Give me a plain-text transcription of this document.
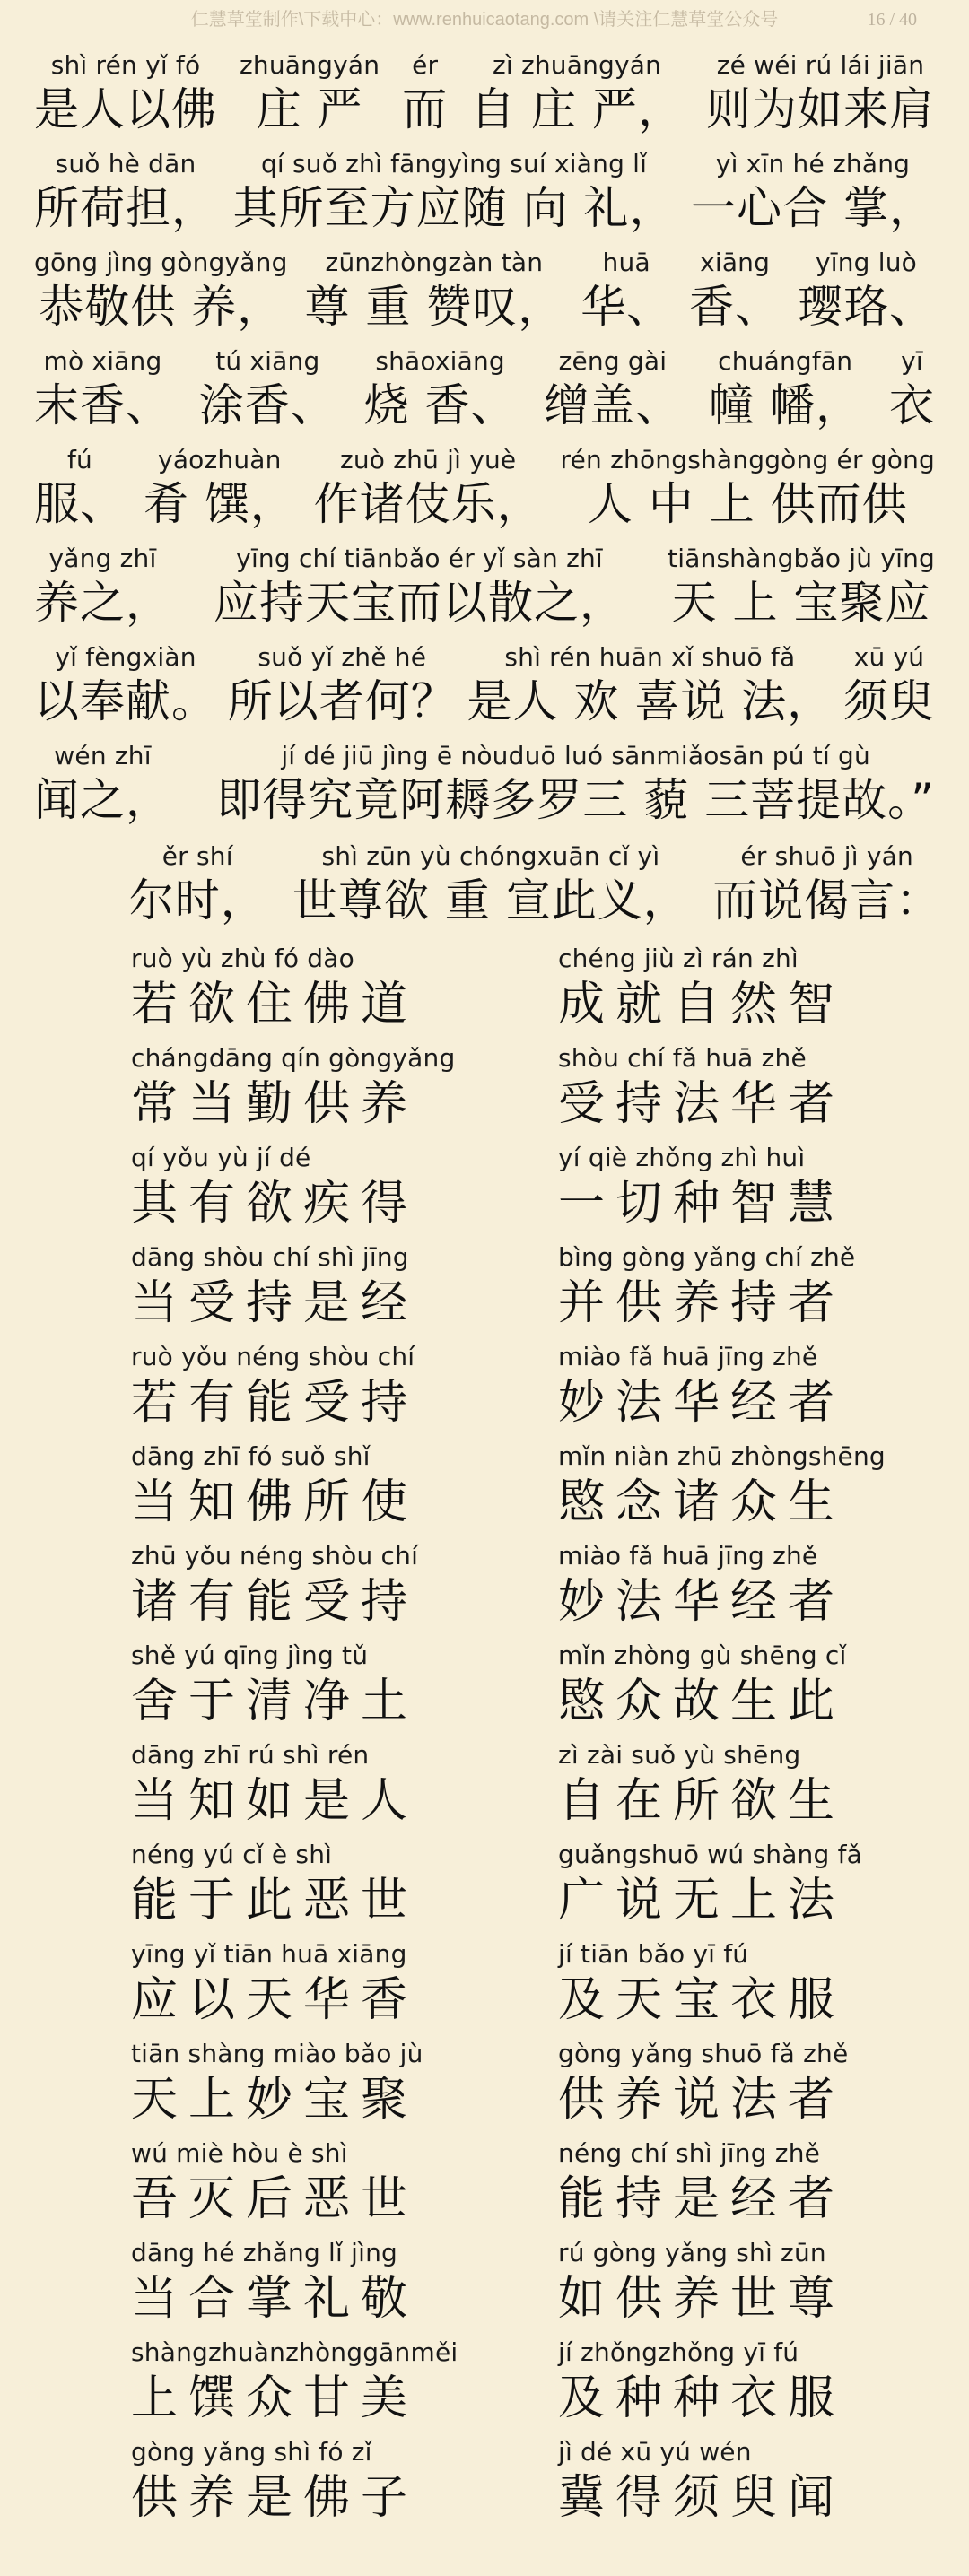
仁慧草堂制作\下载中心：www.renhuicaotang.com \请关注仁慧草堂公众号	16 / 40
shì rén yǐ fó
是人以佛
zhuāngyán
庄 严
ér
而
zì zhuāngyán
自 庄 严，
zé wéi rú lái jiān
则为如来肩
suǒ hè dān
所荷担，
qí suǒ zhì fāngyìng suí xiàng lǐ
其所至方应随 向 礼，
yì xīn hé zhǎng
一心合 掌，
gōng jìng gòngyǎng
恭敬供 养，
zūnzhòngzàn tàn
尊 重 赞叹，
huā
华、
xiāng
香、
yīng luò
璎珞、
mò xiāng
末香、
tú xiāng
涂香、
shāoxiāng
烧 香、
zēng gài
缯盖、
chuángfān
幢 幡，
yī
衣
fú
服、
yáozhuàn
肴 馔，
zuò zhū jì yuè
作诸伎乐，
rén zhōngshànggòng ér gòng
人 中 上 供而供
yǎng zhī
养之，
yīng chí tiānbǎo ér yǐ sàn zhī
应持天宝而以散之，
tiānshàngbǎo jù yīng
天 上 宝聚应
yǐ fèngxiàn
以奉献。
suǒ yǐ zhě hé
所以者何？
shì rén huān xǐ shuō fǎ
是人 欢 喜说 法，
xū yú
须臾
wén zhī
闻之，
jí dé jiū jìng ē nòuduō luó sānmiǎosān pú tí gù
即得究竟阿耨多罗三 藐 三菩提故。”
ěr shí
尔时，
shì zūn yù chóngxuān cǐ yì
世尊欲 重 宣此义，
ér shuō jì yán
而说偈言：
ruò yù zhù fó dào
若欲住佛道
chéng jiù zì rán zhì
成就自然智
chángdāng qín gòngyǎng
常当勤供养
shòu chí fǎ huā zhě
受持法华者
qí yǒu yù jí dé
其有欲疾得
yí qiè zhǒng zhì huì
一切种智慧
dāng shòu chí shì jīng
当受持是经
bìng gòng yǎng chí zhě
并供养持者
ruò yǒu néng shòu chí
若有能受持
miào fǎ huā jīng zhě
妙法华经者
dāng zhī fó suǒ shǐ
当知佛所使
mǐn niàn zhū zhòngshēng
愍念诸众生
zhū yǒu néng shòu chí
诸有能受持
miào fǎ huā jīng zhě
妙法华经者
shě yú qīng jìng tǔ
舍于清净土
mǐn zhòng gù shēng cǐ
愍众故生此
dāng zhī rú shì rén
当知如是人
zì zài suǒ yù shēng
自在所欲生
néng yú cǐ è shì
能于此恶世
guǎngshuō wú shàng fǎ
广说无上法
yīng yǐ tiān huā xiāng
应以天华香
jí tiān bǎo yī fú
及天宝衣服
tiān shàng miào bǎo jù
天上妙宝聚
gòng yǎng shuō fǎ zhě
供养说法者
wú miè hòu è shì
吾灭后恶世
néng chí shì jīng zhě
能持是经者
dāng hé zhǎng lǐ jìng
当合掌礼敬
rú gòng yǎng shì zūn
如供养世尊
shàngzhuànzhònggānměi
上馔众甘美
jí zhǒngzhǒng yī fú
及种种衣服
gòng yǎng shì fó zǐ
供养是佛子
jì dé xū yú wén
冀得须臾闻
